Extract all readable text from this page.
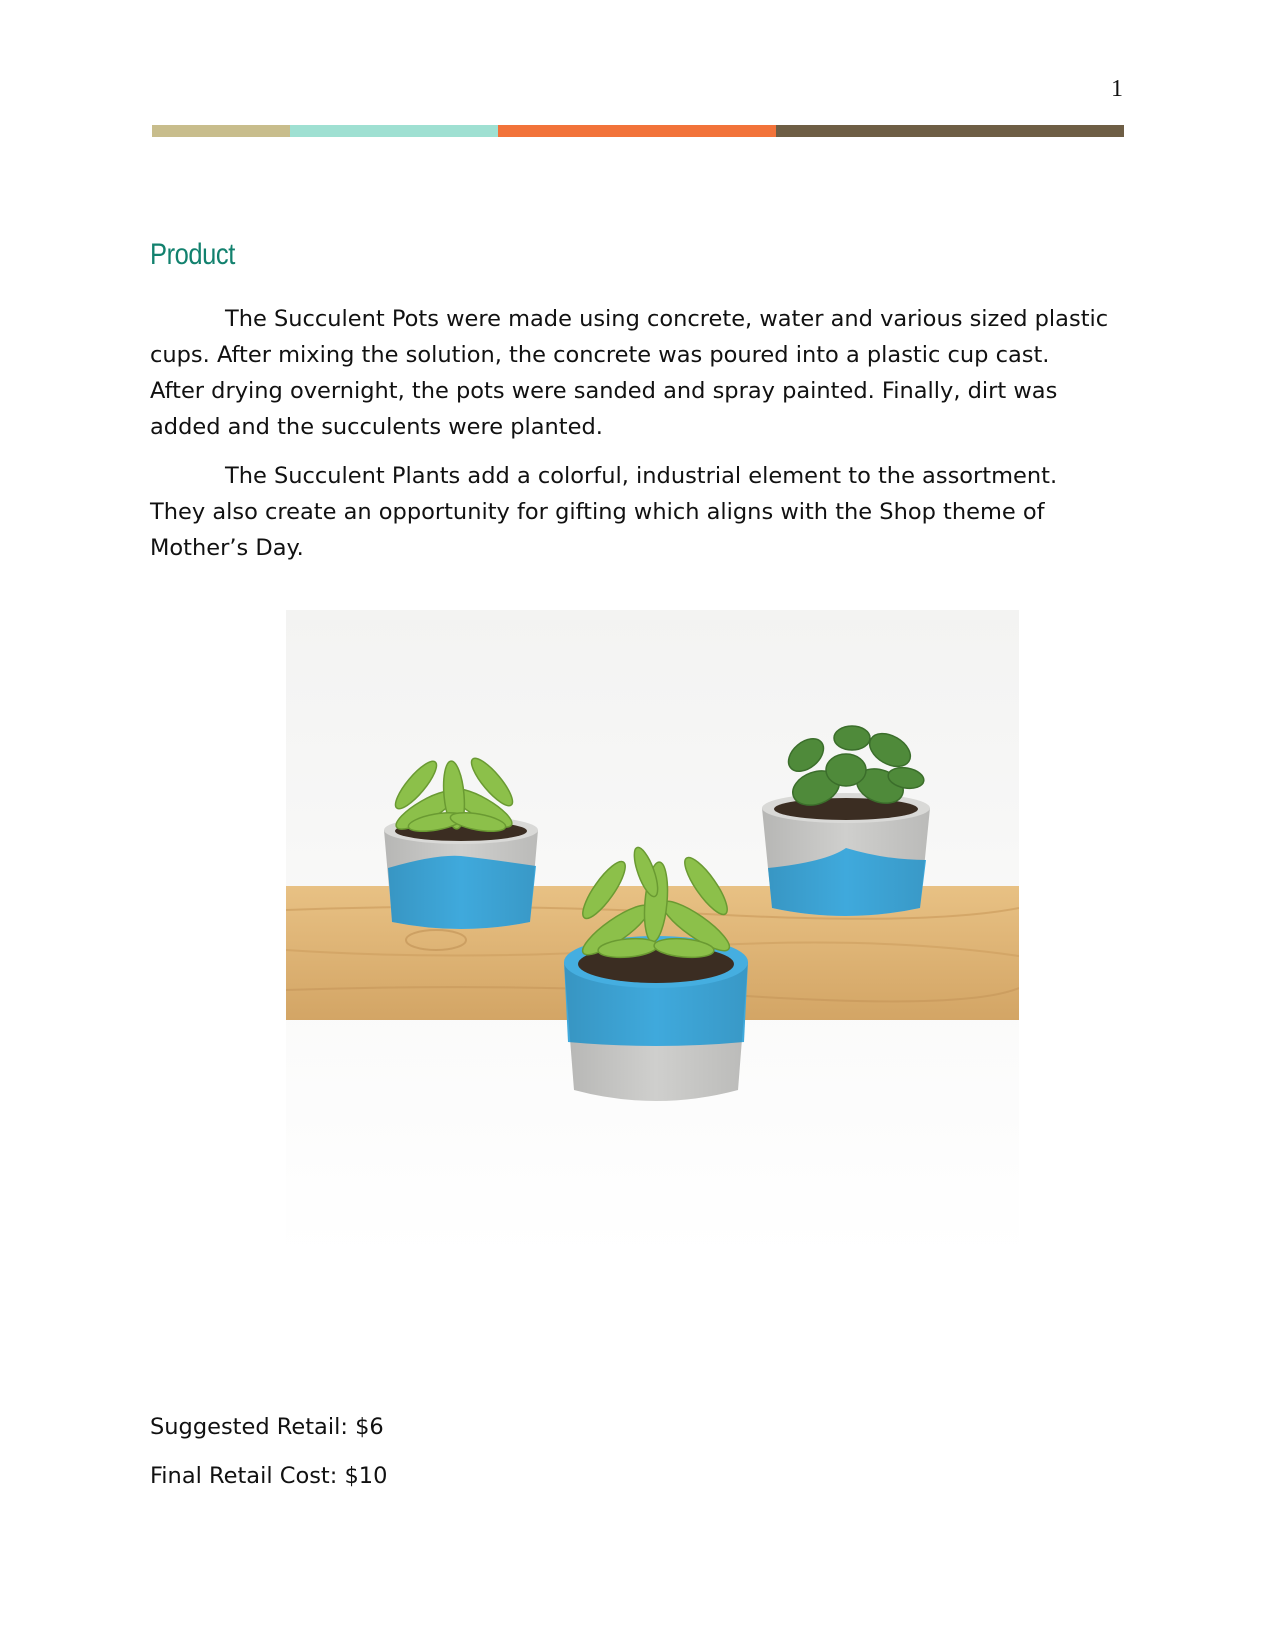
1
Product

The Succulent Pots were made using concrete, water and various sized plastic cups. After mixing the solution, the concrete was poured into a plastic cup cast. After drying overnight, the pots were sanded and spray painted. Finally, dirt was added and the succulents were planted.

The Succulent Plants add a colorful, industrial element to the assortment. They also create an opportunity for gifting which aligns with the Shop theme of Mother’s Day.

Suggested Retail: $6
Final Retail Cost: $10
